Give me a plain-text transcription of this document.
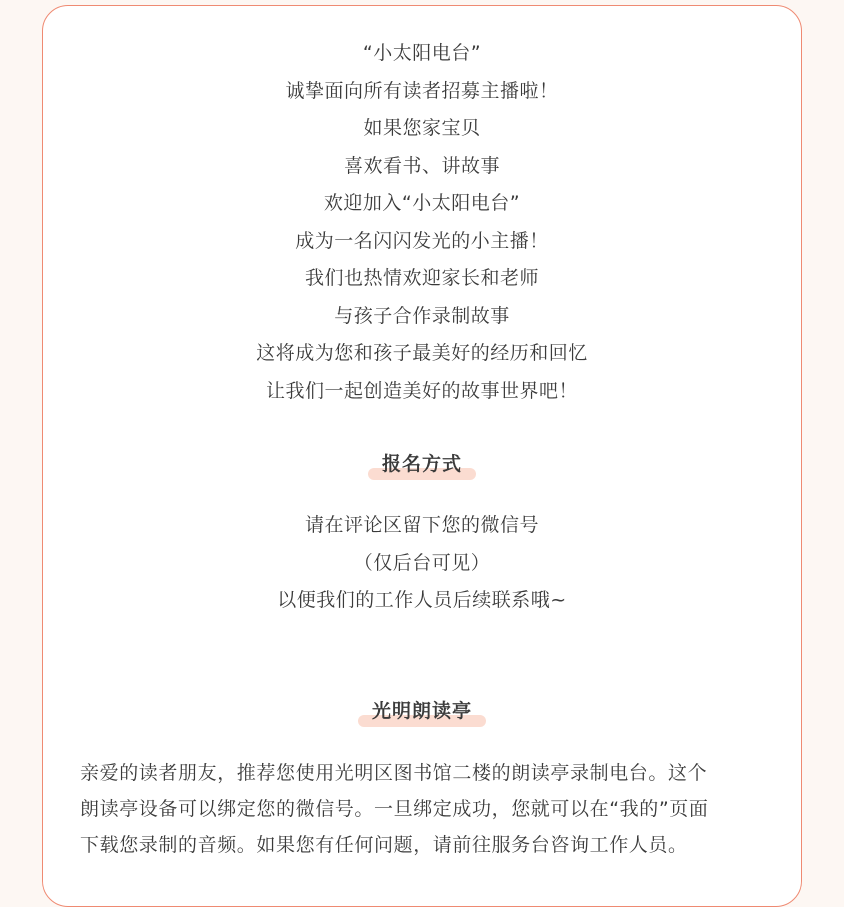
“小太阳电台”
诚挚面向所有读者招募主播啦！
如果您家宝贝
喜欢看书、讲故事
欢迎加入“小太阳电台”
成为一名闪闪发光的小主播！
我们也热情欢迎家长和老师
与孩子合作录制故事
这将成为您和孩子最美好的经历和回忆
让我们一起创造美好的故事世界吧！
报名方式
请在评论区留下您的微信号
（仅后台可见）
以便我们的工作人员后续联系哦~
光明朗读亭
亲爱的读者朋友，推荐您使用光明区图书馆二楼的朗读亭录制电台。这个
朗读亭设备可以绑定您的微信号。一旦绑定成功，您就可以在“我的”页面
下载您录制的音频。如果您有任何问题，请前往服务台咨询工作人员。
